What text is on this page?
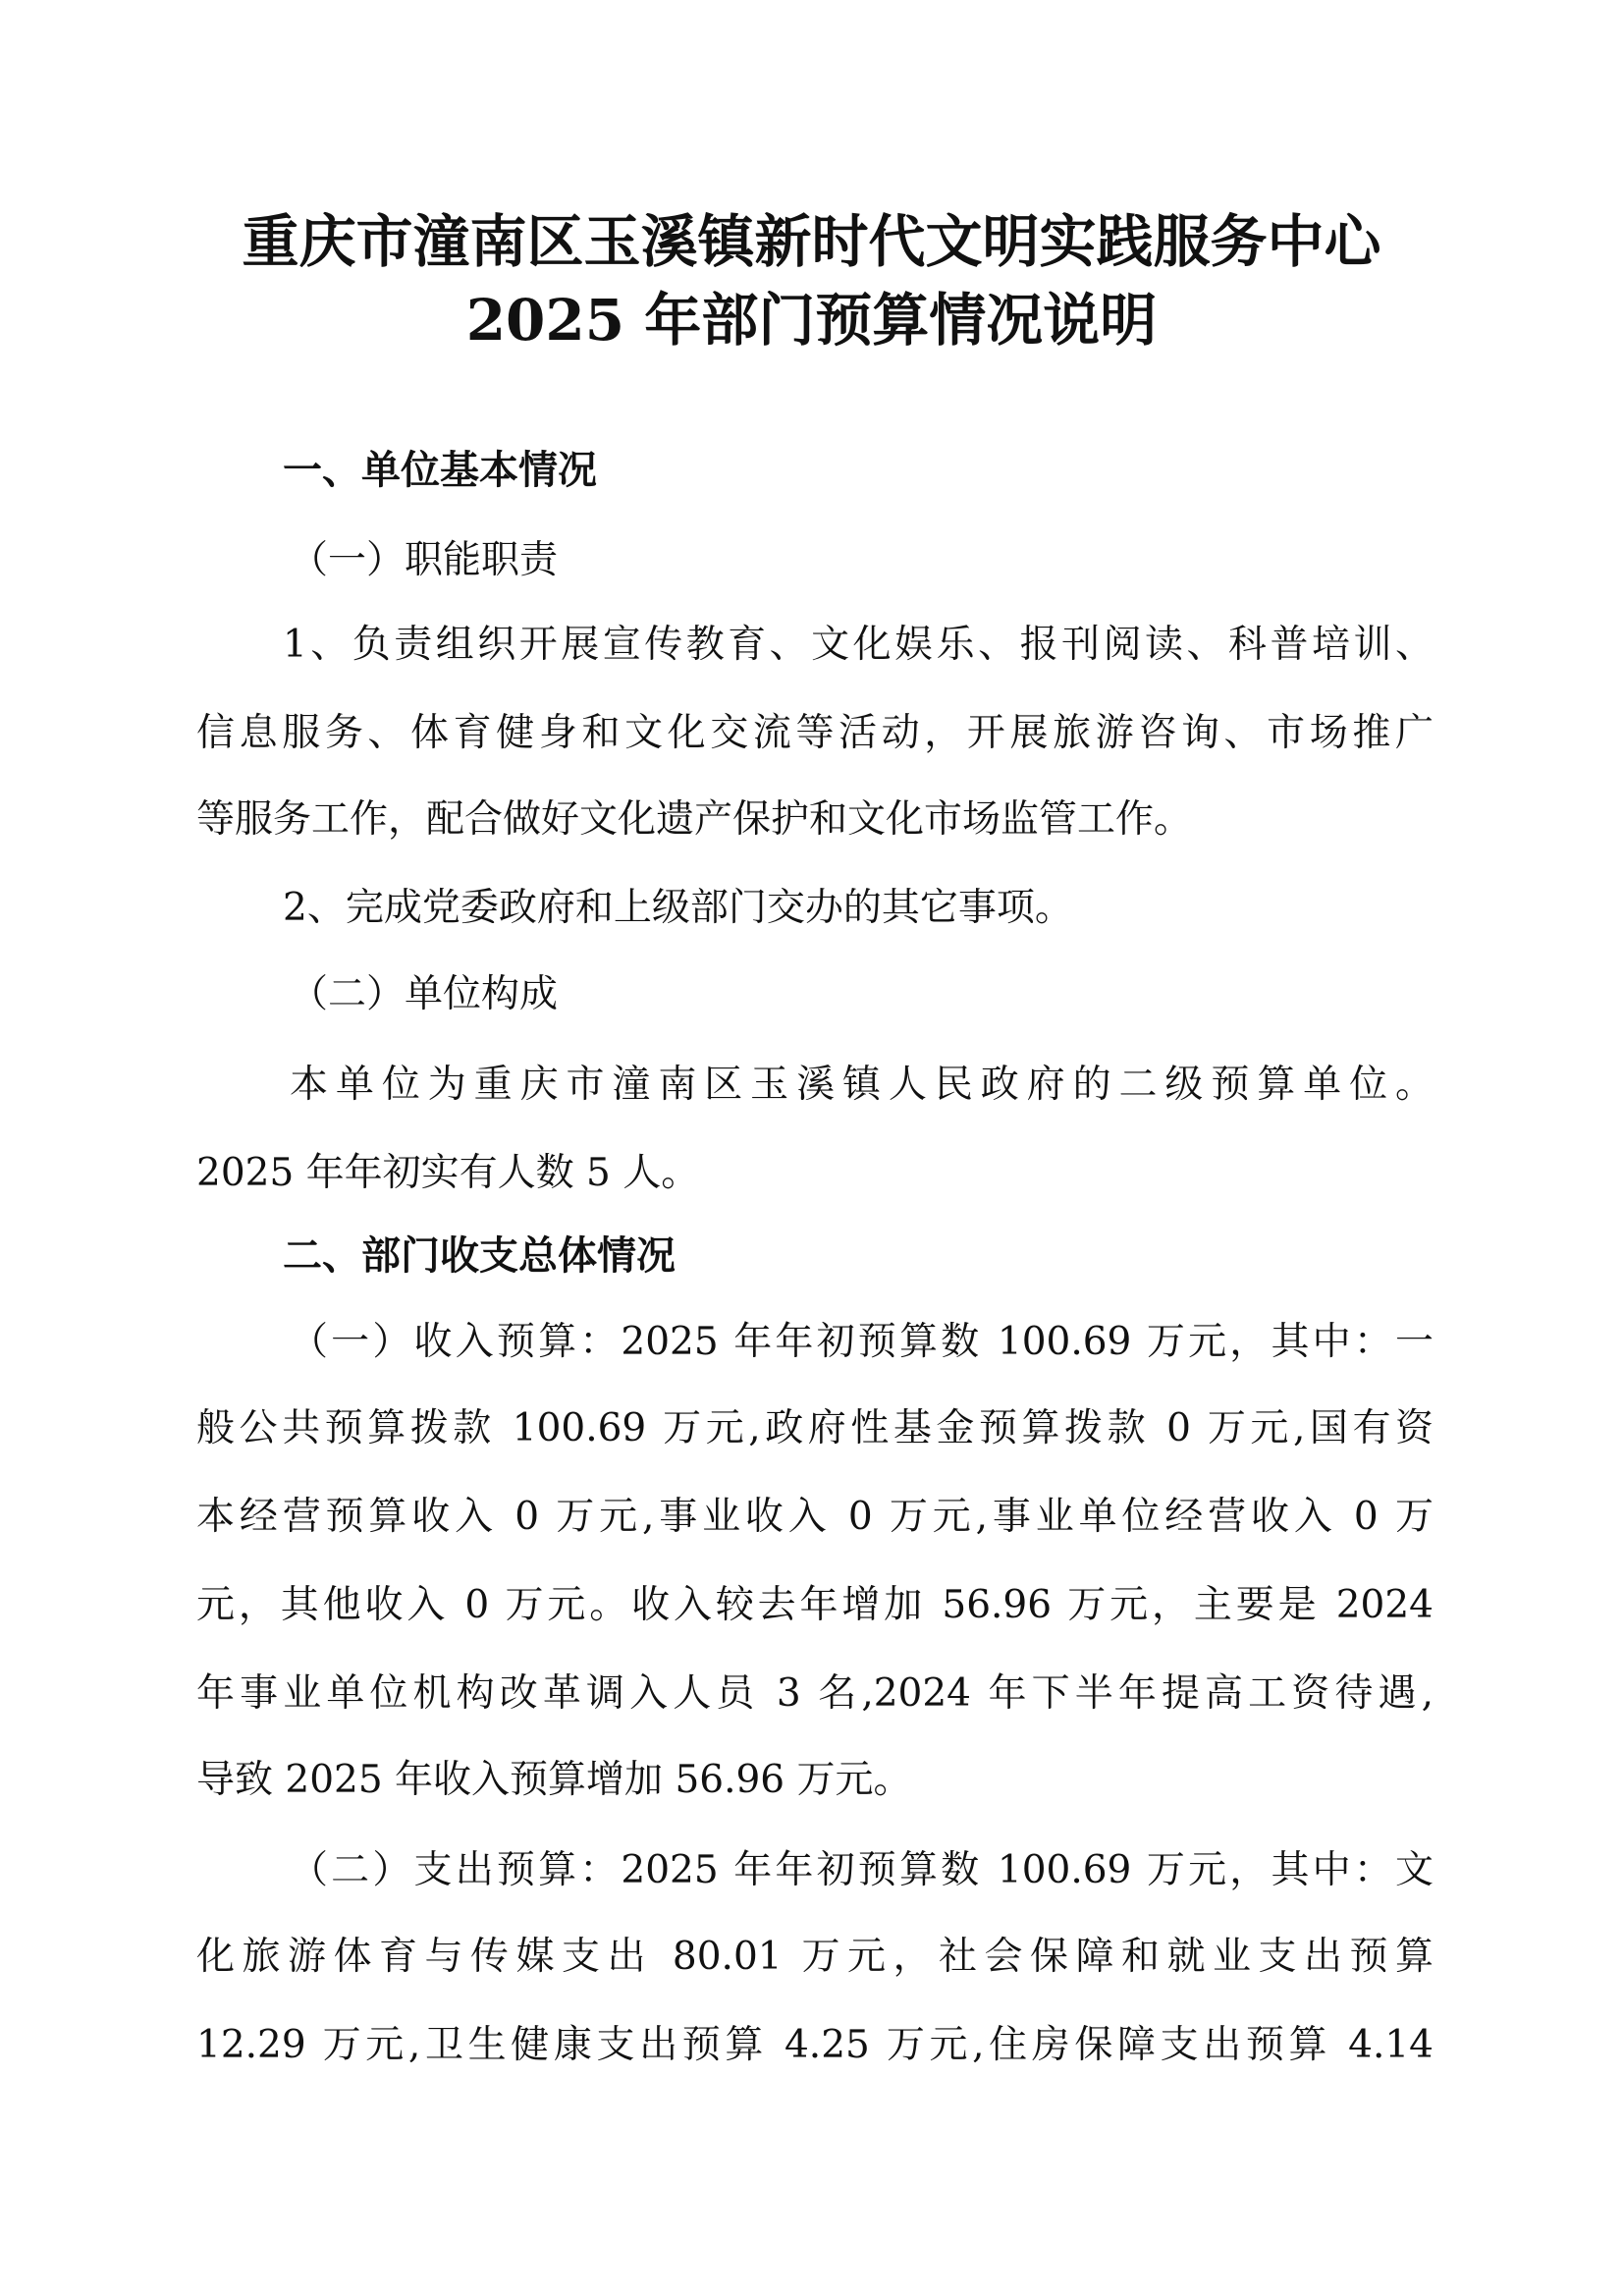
重庆市潼南区玉溪镇新时代文明实践服务中心
2025 年部门预算情况说明
一、单位基本情况
（一）职能职责
1、负责组织开展宣传教育、文化娱乐、报刊阅读、科普培训、
信息服务、体育健身和文化交流等活动，开展旅游咨询、市场推广
等服务工作，配合做好文化遗产保护和文化市场监管工作。
2、完成党委政府和上级部门交办的其它事项。
（二）单位构成
本单位为重庆市潼南区玉溪镇人民政府的二级预算单位。
2025 年年初实有人数 5 人。
二、部门收支总体情况
（一）收入预算：2025 年年初预算数 100.69 万元，其中：一
般公共预算拨款 100.69 万元,政府性基金预算拨款 0 万元,国有资
本经营预算收入 0 万元,事业收入 0 万元,事业单位经营收入 0 万
元，其他收入 0 万元。收入较去年增加 56.96 万元，主要是 2024
年事业单位机构改革调入人员 3 名,2024 年下半年提高工资待遇,
导致 2025 年收入预算增加 56.96 万元。
（二）支出预算：2025 年年初预算数 100.69 万元，其中：文
化旅游体育与传媒支出 80.01 万元，社会保障和就业支出预算
12.29 万元,卫生健康支出预算 4.25 万元,住房保障支出预算 4.14
